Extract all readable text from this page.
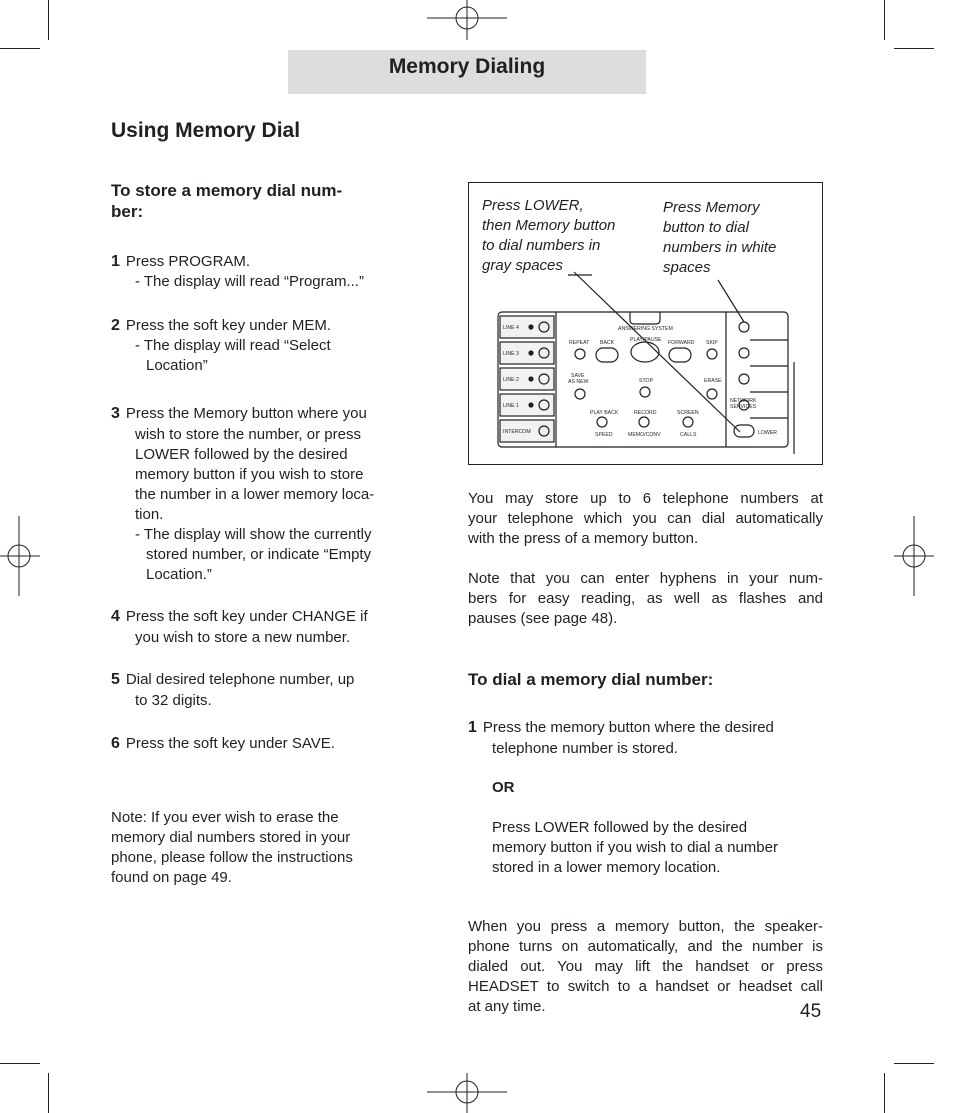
Memory Dialing
Using Memory Dial
To store a memory dial num-
ber:
1 Press PROGRAM.
- The display will read “Program...”
2 Press the soft key under MEM.
- The display will read “Select
Location”
3 Press the Memory button where you
wish to store the number, or press
LOWER followed by the desired
memory button if you wish to store
the number in a lower memory loca-
tion.
- The display will show the currently
stored number, or indicate “Empty
Location.”
4 Press the soft key under CHANGE if
you wish to store a new number.
5 Dial desired telephone number, up
to 32 digits.
6 Press the soft key under SAVE.
Note: If you ever wish to erase the
memory dial numbers stored in your
phone, please follow the instructions
found on page 49.
Press LOWER,
then Memory button
to dial numbers in
gray spaces
Press Memory
button to dial
numbers in white
spaces
LINE 4
LINE 3
LINE 2
LINE 1
INTERCOM
ANSWERING SYSTEM
REPEAT BACK	PLAY/PAUSE FORWARD SKIP
SAVE
AS NEW	STOP	ERASE
PLAY BACK
SPEED
RECORD
MEMO/CONV
SCREEN
CALLS
NETWORK
SERVICES
LOWER
You may store up to 6 telephone numbers at
your telephone which you can dial automatically
with the press of a memory button.
Note that you can enter hyphens in your num-
bers for easy reading, as well as flashes and
pauses (see page 48).
To dial a memory dial number:
1 Press the memory button where the desired
telephone number is stored.
OR
Press LOWER followed by the desired
memory button if you wish to dial a number
stored in a lower memory location.
When you press a memory button, the speaker-
phone turns on automatically, and the number is
dialed out. You may lift the handset or press
HEADSET to switch to a handset or headset call
at any time.	45
